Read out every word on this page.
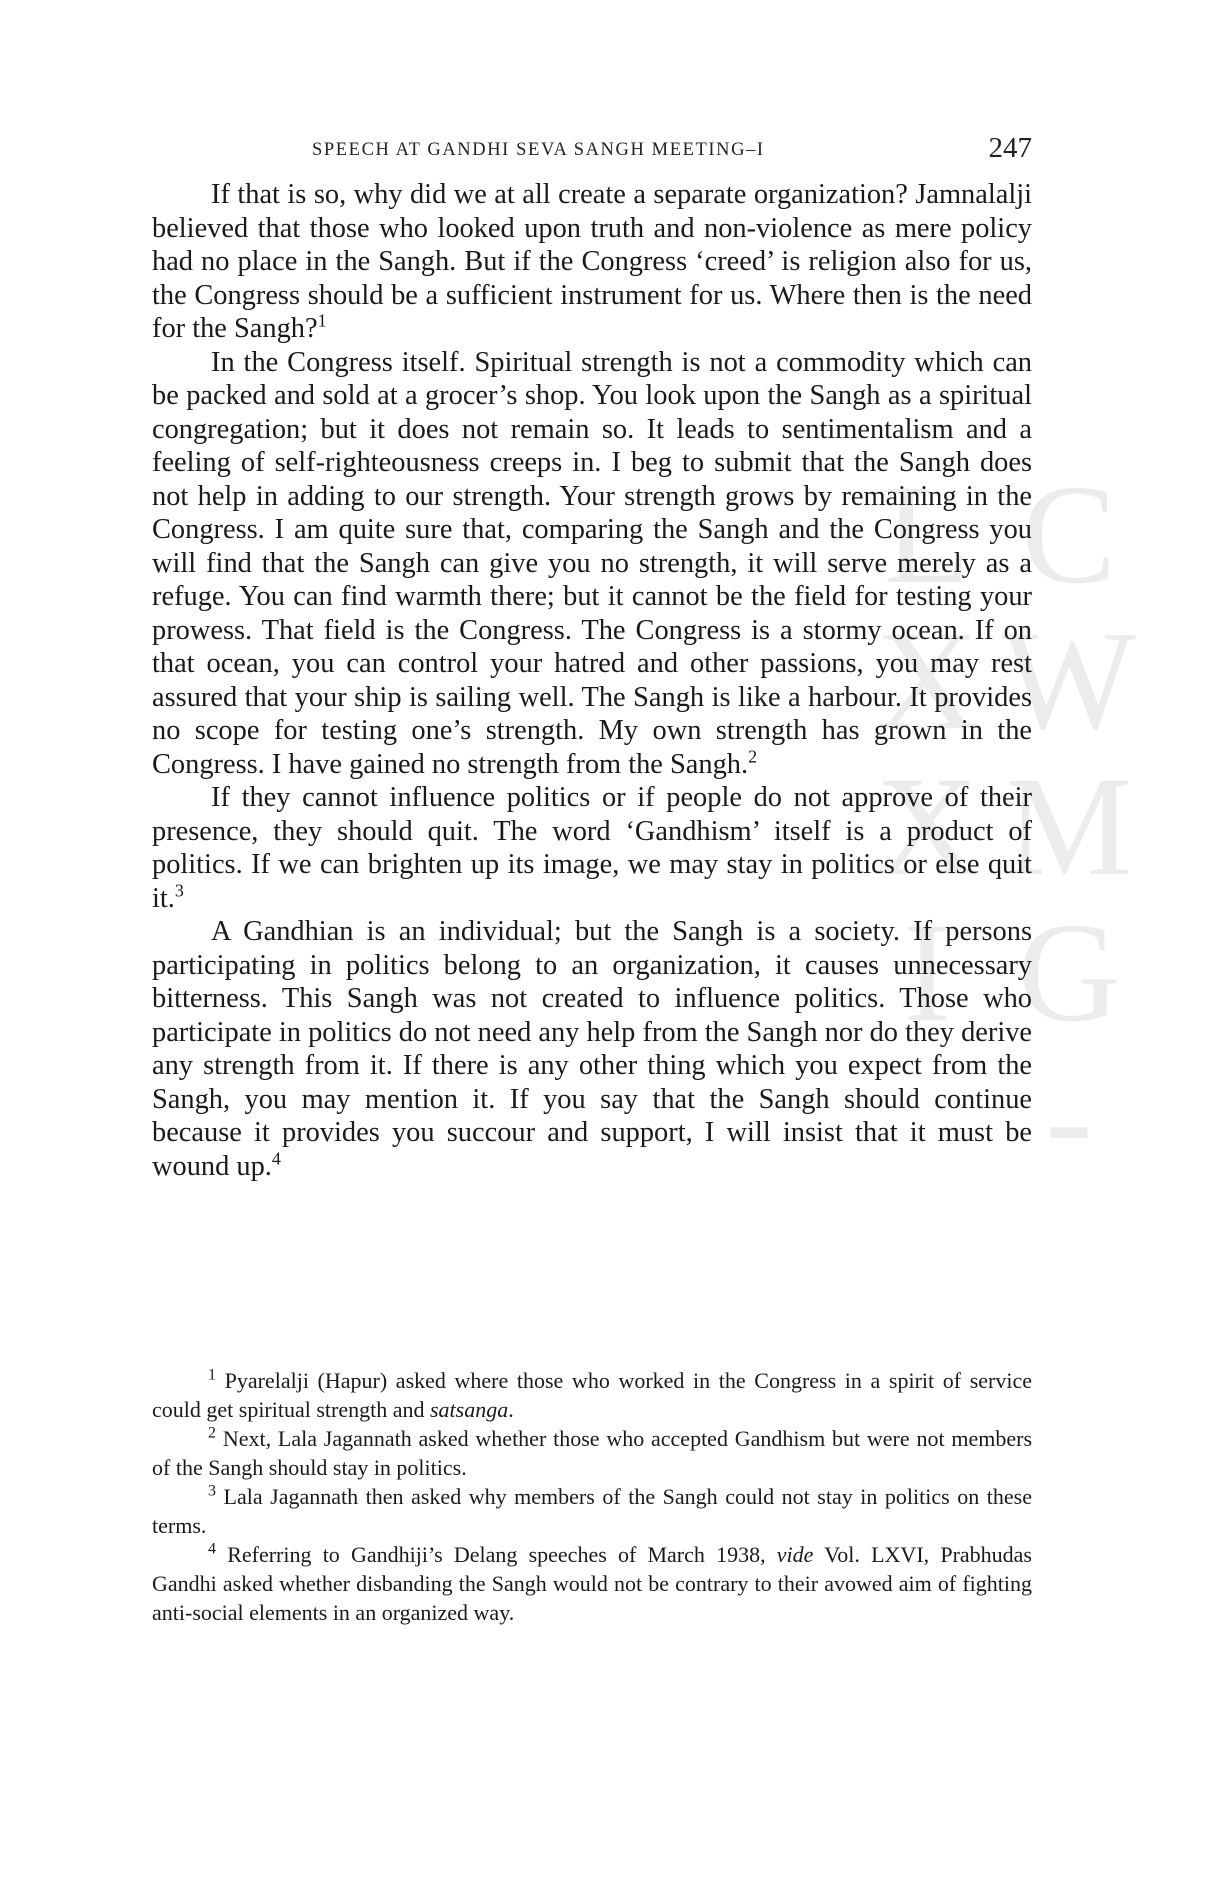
SPEECH AT GANDHI SEVA SANGH MEETING–I	247
CWMG-LXXI

If that is so, why did we at all create a separate organization? Jamnalalji believed that those who looked upon truth and non-violence as mere policy had no place in the Sangh. But if the Congress ‘creed’ is religion also for us, the Congress should be a sufficient instrument for us. Where then is the need for the Sangh?$^1$

In the Congress itself. Spiritual strength is not a commodity which can be packed and sold at a grocer’s shop. You look upon the Sangh as a spiritual congregation; but it does not remain so. It leads to sentimentalism and a feeling of self-righteousness creeps in. I beg to submit that the Sangh does not help in adding to our strength. Your strength grows by remaining in the Congress. I am quite sure that, comparing the Sangh and the Congress you will find that the Sangh can give you no strength, it will serve merely as a refuge. You can find warmth there; but it cannot be the field for testing your prowess. That field is the Congress. The Congress is a stormy ocean. If on that ocean, you can control your hatred and other passions, you may rest assured that your ship is sailing well. The Sangh is like a harbour. It provides no scope for testing one’s strength. My own strength has grown in the Congress. I have gained no strength from the Sangh.$^2$

If they cannot influence politics or if people do not approve of their presence, they should quit. The word ‘Gandhism’ itself is a product of politics. If we can brighten up its image, we may stay in politics or else quit it.$^3$

A Gandhian is an individual; but the Sangh is a society. If persons participating in politics belong to an organization, it causes unnecessary bitterness. This Sangh was not created to influence politics. Those who participate in politics do not need any help from the Sangh nor do they derive any strength from it. If there is any other thing which you expect from the Sangh, you may mention it. If you say that the Sangh should continue because it provides you succour and support, I will insist that it must be wound up.$^4$

$^1$ Pyarelalji (Hapur) asked where those who worked in the Congress in a spirit of service could get spiritual strength and satsanga.

$^2$ Next, Lala Jagannath asked whether those who accepted Gandhism but were not members of the Sangh should stay in politics.

$^3$ Lala Jagannath then asked why members of the Sangh could not stay in politics on these terms.

$^4$ Referring to Gandhiji’s Delang speeches of March 1938, vide Vol. LXVI, Prabhudas Gandhi asked whether disbanding the Sangh would not be contrary to their avowed aim of fighting anti-social elements in an organized way.
